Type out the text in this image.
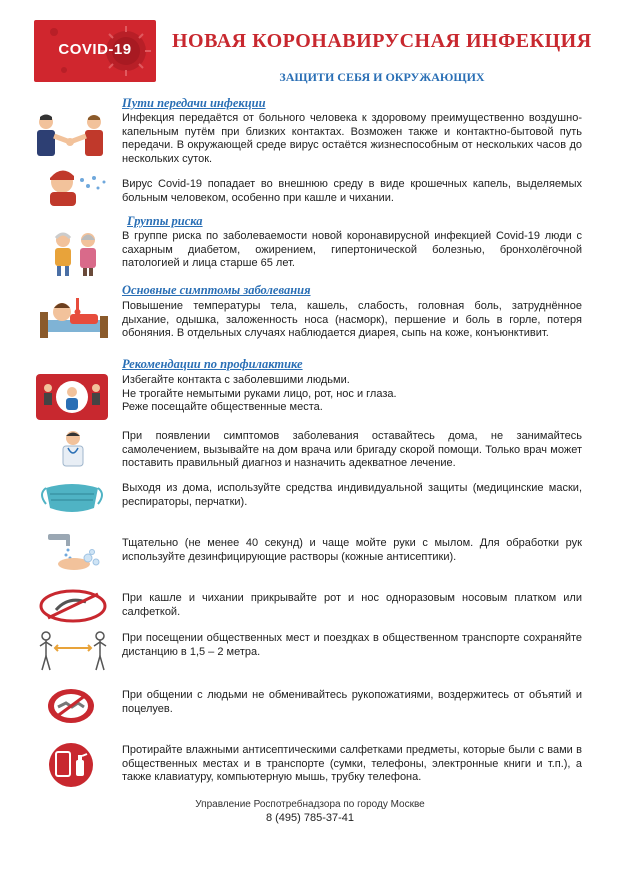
COVID-19	НОВАЯ КОРОНАВИРУСНАЯ ИНФЕКЦИЯ
ЗАЩИТИ СЕБЯ И ОКРУЖАЮЩИХ
Пути передачи инфекции
Инфекция передаётся от больного человека к здоровому преимущественно воздушно-капельным путём при близких контактах. Возможен также и контактно-бытовой путь передачи. В окружающей среде вирус остаётся жизнеспособным от нескольких часов до нескольких суток.
Вирус Covid-19 попадает во внешнюю среду в виде крошечных капель, выделяемых больным человеком, особенно при кашле и чихании.
Группы риска
В группе риска по заболеваемости новой коронавирусной инфекцией Covid-19 люди с сахарным диабетом, ожирением, гипертонической болезнью, бронхолёгочной патологией и лица старше 65 лет.
Основные симптомы заболевания
Повышение температуры тела, кашель, слабость, головная боль, затруднённое дыхание, одышка, заложенность носа (насморк), першение и боль в горле, потеря обоняния. В отдельных случаях наблюдается диарея, сыпь на коже, конъюнктивит.
Рекомендации по профилактике
Избегайте контакта с заболевшими людьми.
Не трогайте немытыми руками лицо, рот, нос и глаза.
Реже посещайте общественные места.
При появлении симптомов заболевания оставайтесь дома, не занимайтесь самолечением, вызывайте на дом врача или бригаду скорой помощи. Только врач может поставить правильный диагноз и назначить адекватное лечение.
Выходя из дома, используйте средства индивидуальной защиты (медицинские маски, респираторы, перчатки).
Тщательно (не менее 40 секунд) и чаще мойте руки с мылом. Для обработки рук используйте дезинфицирующие растворы (кожные антисептики).
При кашле и чихании прикрывайте рот и нос одноразовым носовым платком или салфеткой.
При посещении общественных мест и поездках в общественном транспорте сохраняйте дистанцию в 1,5 – 2 метра.
При общении с людьми не обменивайтесь рукопожатиями, воздержитесь от объятий и поцелуев.
Протирайте влажными антисептическими салфетками предметы, которые были с вами в общественных местах и в транспорте (сумки, телефоны, электронные книги и т.п.), а также клавиатуру, компьютерную мышь, трубку телефона.
Управление Роспотребнадзора по городу Москве
8 (495) 785-37-41
